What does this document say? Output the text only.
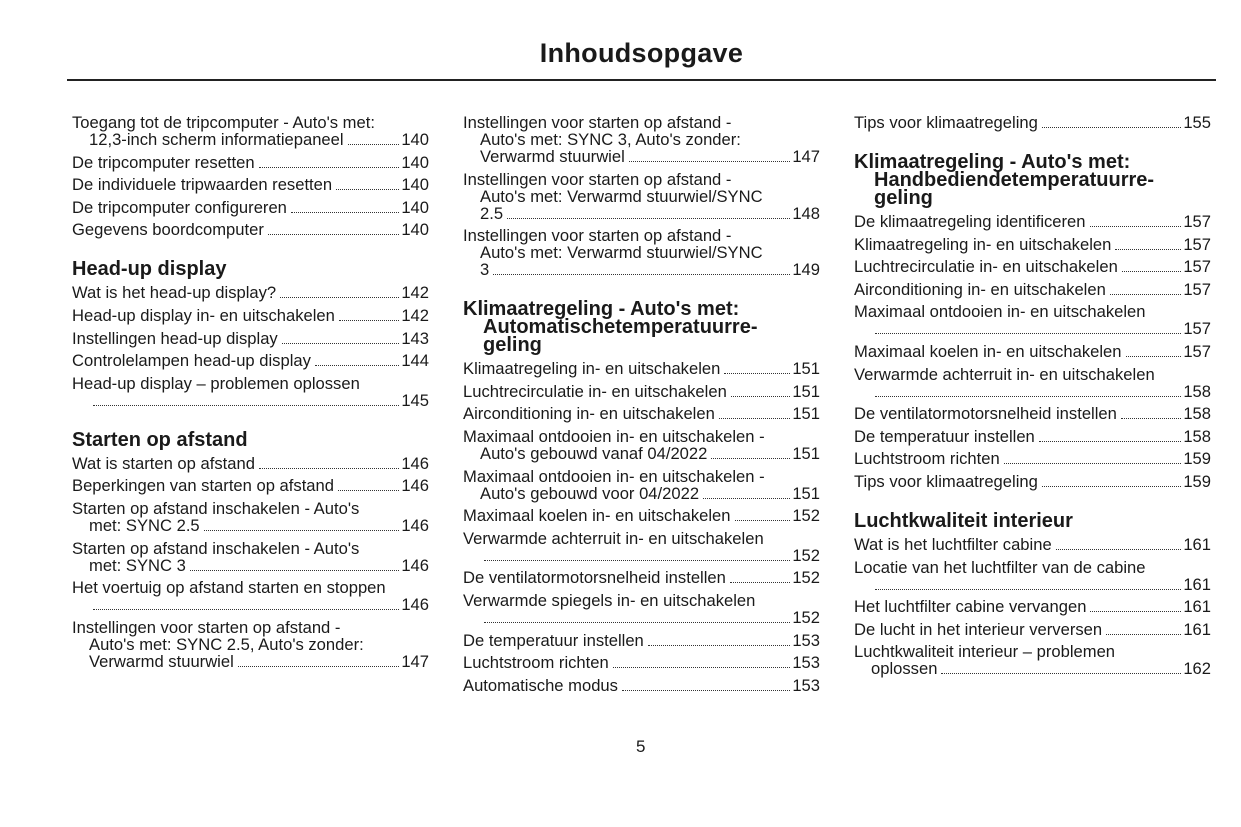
Inhoudsopgave
Toegang tot de tripcomputer - Auto's met:
12,3-inch scherm informatiepaneel	140
De tripcomputer resetten	140
De individuele tripwaarden resetten	140
De tripcomputer configureren	140
Gegevens boordcomputer	140
Head-up display
Wat is het head-up display?	142
Head-up display in- en uitschakelen	142
Instellingen head-up display	143
Controlelampen head-up display	144
Head-up display – problemen oplossen
145
Starten op afstand
Wat is starten op afstand	146
Beperkingen van starten op afstand	146
Starten op afstand inschakelen - Auto's
met: SYNC 2.5	146
Starten op afstand inschakelen - Auto's
met: SYNC 3	146
Het voertuig op afstand starten en stoppen
146
Instellingen voor starten op afstand -
Auto's met: SYNC 2.5, Auto's zonder:
Verwarmd stuurwiel	147
Instellingen voor starten op afstand -
Auto's met: SYNC 3, Auto's zonder:
Verwarmd stuurwiel	147
Instellingen voor starten op afstand -
Auto's met: Verwarmd stuurwiel/SYNC
2.5	148
Instellingen voor starten op afstand -
Auto's met: Verwarmd stuurwiel/SYNC
3	149
Klimaatregeling - Auto's met:
Automatischetemperatuurre-
geling
Klimaatregeling in- en uitschakelen	151
Luchtrecirculatie in- en uitschakelen	151
Airconditioning in- en uitschakelen	151
Maximaal ontdooien in- en uitschakelen -
Auto's gebouwd vanaf 04/2022	151
Maximaal ontdooien in- en uitschakelen -
Auto's gebouwd voor 04/2022	151
Maximaal koelen in- en uitschakelen	152
Verwarmde achterruit in- en uitschakelen
152
De ventilatormotorsnelheid instellen	152
Verwarmde spiegels in- en uitschakelen
152
De temperatuur instellen	153
Luchtstroom richten	153
Automatische modus	153
Tips voor klimaatregeling	155
Klimaatregeling - Auto's met:
Handbediendetemperatuurre-
geling
De klimaatregeling identificeren	157
Klimaatregeling in- en uitschakelen	157
Luchtrecirculatie in- en uitschakelen	157
Airconditioning in- en uitschakelen	157
Maximaal ontdooien in- en uitschakelen
157
Maximaal koelen in- en uitschakelen	157
Verwarmde achterruit in- en uitschakelen
158
De ventilatormotorsnelheid instellen	158
De temperatuur instellen	158
Luchtstroom richten	159
Tips voor klimaatregeling	159
Luchtkwaliteit interieur
Wat is het luchtfilter cabine	161
Locatie van het luchtfilter van de cabine
161
Het luchtfilter cabine vervangen	161
De lucht in het interieur verversen	161
Luchtkwaliteit interieur – problemen
oplossen	162
5
